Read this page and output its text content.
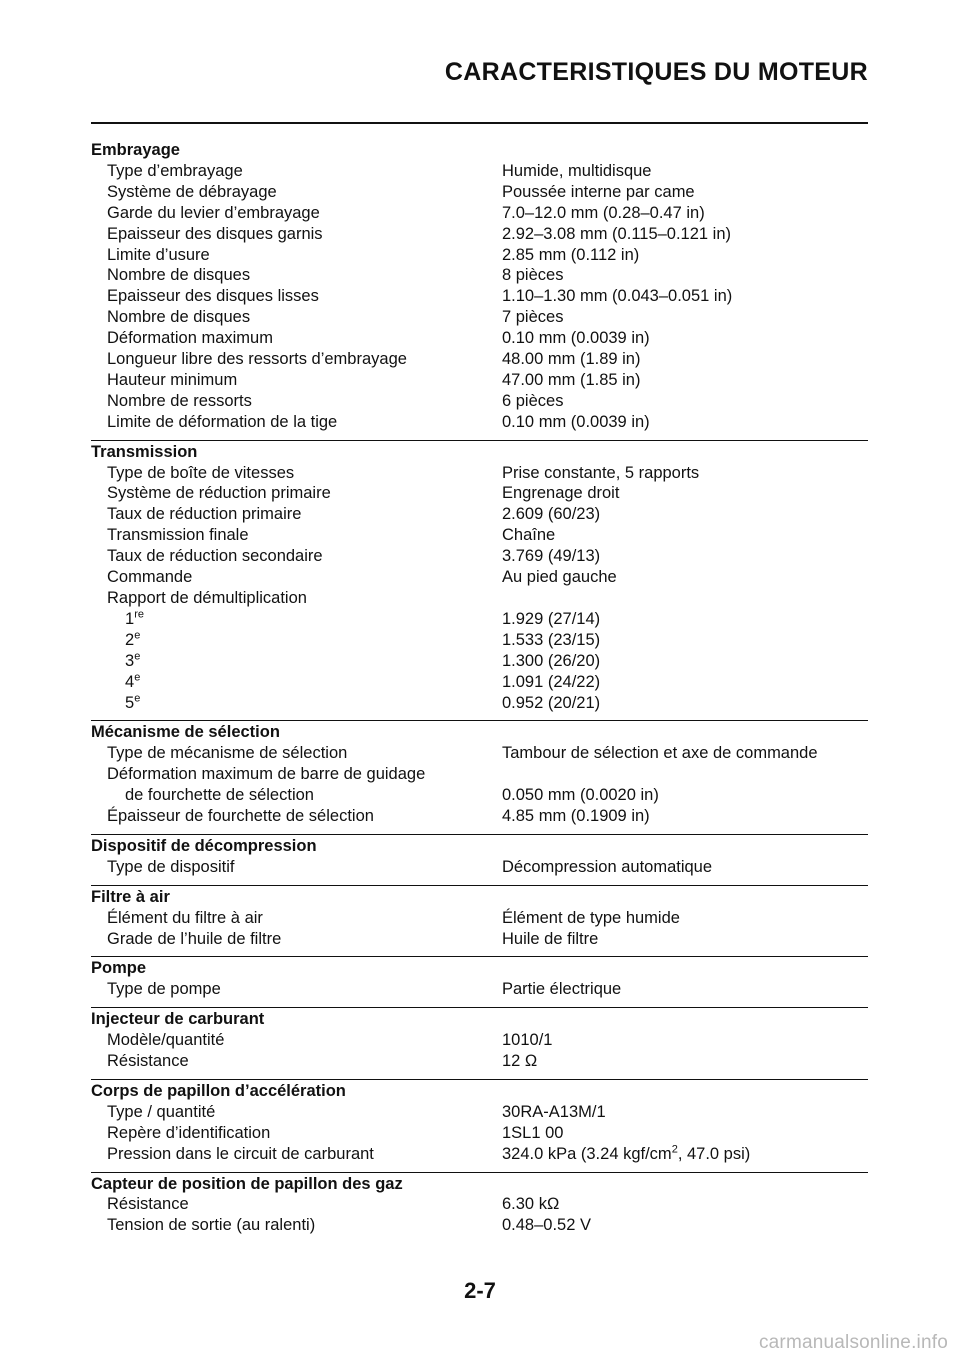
CARACTERISTIQUES DU MOTEUR
Embrayage
Type d’embrayage	Humide, multidisque
Système de débrayage	Poussée interne par came
Garde du levier d’embrayage	7.0–12.0 mm (0.28–0.47 in)
Epaisseur des disques garnis	2.92–3.08 mm (0.115–0.121 in)
Limite d’usure	2.85 mm (0.112 in)
Nombre de disques	8 pièces
Epaisseur des disques lisses	1.10–1.30 mm (0.043–0.051 in)
Nombre de disques	7 pièces
Déformation maximum	0.10 mm (0.0039 in)
Longueur libre des ressorts d’embrayage	48.00 mm (1.89 in)
Hauteur minimum	47.00 mm (1.85 in)
Nombre de ressorts	6 pièces
Limite de déformation de la tige	0.10 mm (0.0039 in)
Transmission
Type de boîte de vitesses	Prise constante, 5 rapports
Système de réduction primaire	Engrenage droit
Taux de réduction primaire	2.609 (60/23)
Transmission finale	Chaîne
Taux de réduction secondaire	3.769 (49/13)
Commande	Au pied gauche
Rapport de démultiplication
1re	1.929 (27/14)
2e	1.533 (23/15)
3e	1.300 (26/20)
4e	1.091 (24/22)
5e	0.952 (20/21)
Mécanisme de sélection
Type de mécanisme de sélection	Tambour de sélection et axe de commande
Déformation maximum de barre de guidage
de fourchette de sélection	0.050 mm (0.0020 in)
Épaisseur de fourchette de sélection	4.85 mm (0.1909 in)
Dispositif de décompression
Type de dispositif	Décompression automatique
Filtre à air
Élément du filtre à air	Élément de type humide
Grade de l’huile de filtre	Huile de filtre
Pompe
Type de pompe	Partie électrique
Injecteur de carburant
Modèle/quantité	1010/1
Résistance	12 Ω
Corps de papillon d’accélération
Type / quantité	30RA-A13M/1
Repère d’identification	1SL1 00
Pression dans le circuit de carburant	324.0 kPa (3.24 kgf/$cm^2$, 47.0 psi)
Capteur de position de papillon des gaz
Résistance	6.30 kΩ
Tension de sortie (au ralenti)	0.48–0.52 V
2-7
carmanualsonline.info
